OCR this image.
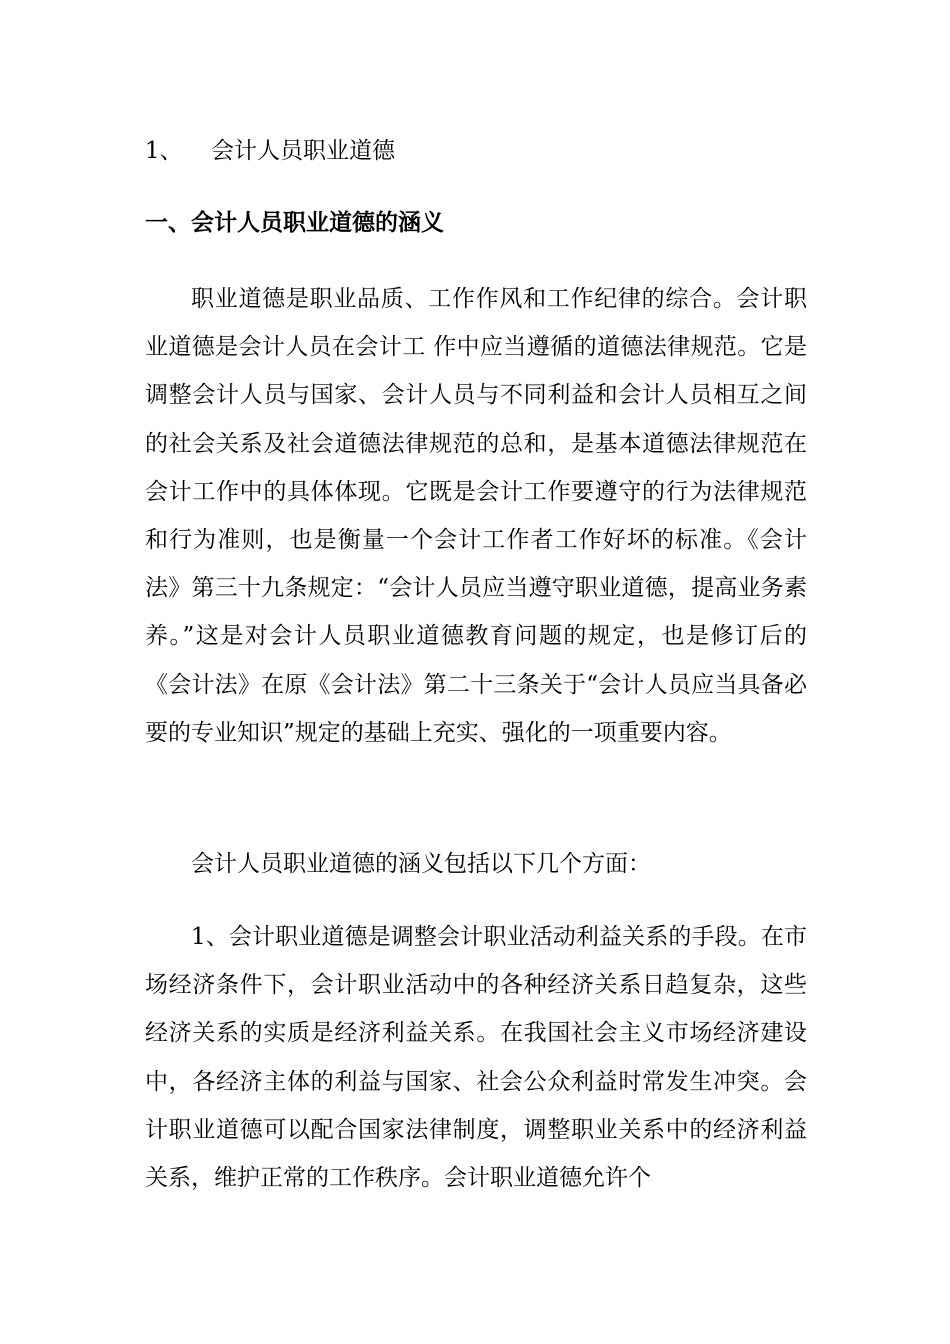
1、 会计人员职业道德
一、会计人员职业道德的涵义

职业道德是职业品质、工作作风和工作纪律的综合。会计职业道德是会计人员在会计工 作中应当遵循的道德法律规范。它是调整会计人员与国家、会计人员与不同利益和会计人员相互之间的社会关系及社会道德法律规范的总和，是基本道德法律规范在会计工作中的具体体现。它既是会计工作要遵守的行为法律规范和行为准则，也是衡量一个会计工作者工作好坏的标准。《会计法》第三十九条规定：“会计人员应当遵守职业道德，提高业务素养。”这是对会计人员职业道德教育问题的规定，也是修订后的《会计法》在原《会计法》第二十三条关于“会计人员应当具备必要的专业知识”规定的基础上充实、强化的一项重要内容。

会计人员职业道德的涵义包括以下几个方面：

1、会计职业道德是调整会计职业活动利益关系的手段。在市场经济条件下，会计职业活动中的各种经济关系日趋复杂，这些经济关系的实质是经济利益关系。在我国社会主义市场经济建设中，各经济主体的利益与国家、社会公众利益时常发生冲突。会计职业道德可以配合国家法律制度，调整职业关系中的经济利益关系，维护正常的工作秩序。会计职业道德允许个
